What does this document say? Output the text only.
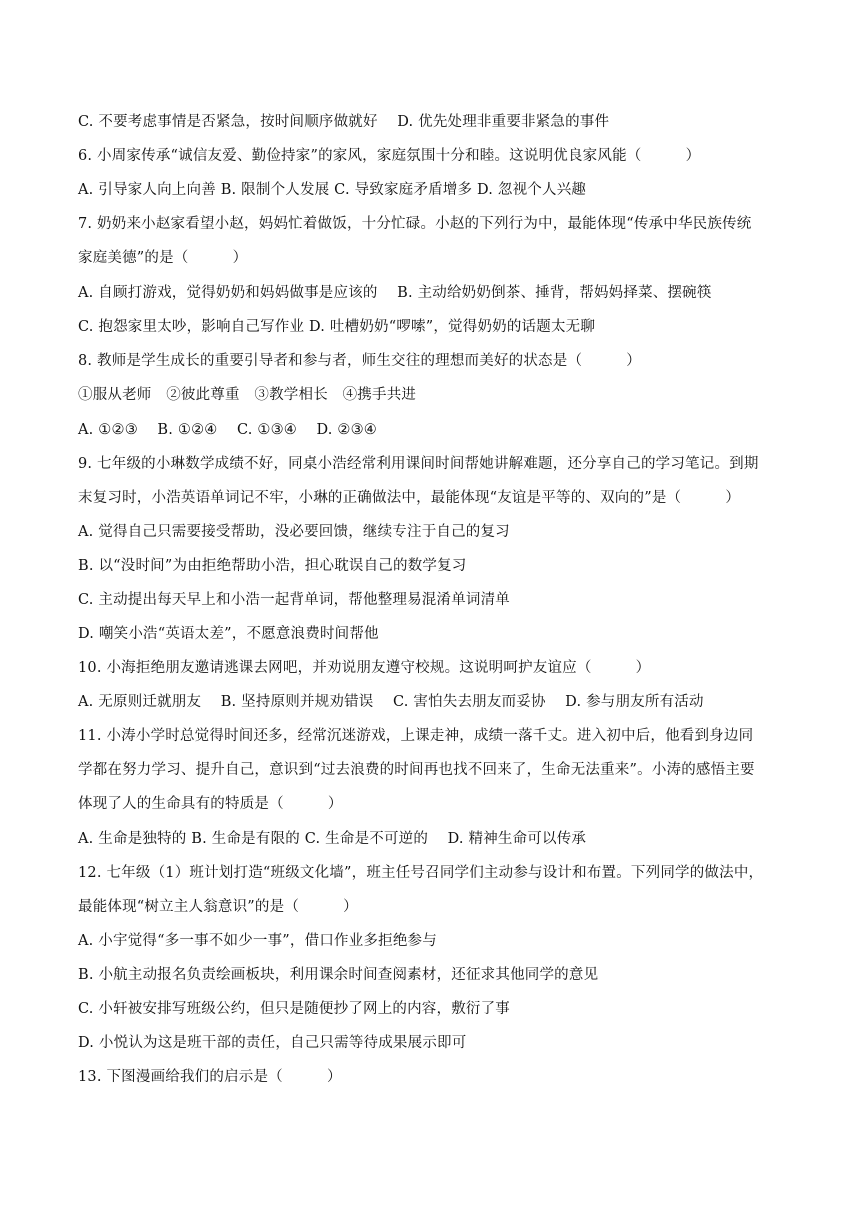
C. 不要考虑事情是否紧急，按时间顺序做就好　 D. 优先处理非重要非紧急的事件
6. 小周家传承“诚信友爱、勤俭持家”的家风，家庭氛围十分和睦。这说明优良家风能（　　　）
A. 引导家人向上向善 B. 限制个人发展 C. 导致家庭矛盾增多 D. 忽视个人兴趣
7. 奶奶来小赵家看望小赵，妈妈忙着做饭，十分忙碌。小赵的下列行为中，最能体现“传承中华民族传统
家庭美德”的是（　　　）
A. 自顾打游戏，觉得奶奶和妈妈做事是应该的　 B. 主动给奶奶倒茶、捶背，帮妈妈择菜、摆碗筷
C. 抱怨家里太吵，影响自己写作业 D. 吐槽奶奶“啰嗦”，觉得奶奶的话题太无聊
8. 教师是学生成长的重要引导者和参与者，师生交往的理想而美好的状态是（　　　）
①服从老师　②彼此尊重　③教学相长　④携手共进
A. ①②③　 B. ①②④　 C. ①③④　 D. ②③④
9. 七年级的小琳数学成绩不好，同桌小浩经常利用课间时间帮她讲解难题，还分享自己的学习笔记。到期
末复习时，小浩英语单词记不牢，小琳的正确做法中，最能体现“友谊是平等的、双向的”是（　　　）
A. 觉得自己只需要接受帮助，没必要回馈，继续专注于自己的复习
B. 以“没时间”为由拒绝帮助小浩，担心耽误自己的数学复习
C. 主动提出每天早上和小浩一起背单词，帮他整理易混淆单词清单
D. 嘲笑小浩“英语太差”，不愿意浪费时间帮他
10. 小海拒绝朋友邀请逃课去网吧，并劝说朋友遵守校规。这说明呵护友谊应（　　　）
A. 无原则迁就朋友　 B. 坚持原则并规劝错误　 C. 害怕失去朋友而妥协　 D. 参与朋友所有活动
11. 小涛小学时总觉得时间还多，经常沉迷游戏，上课走神，成绩一落千丈。进入初中后，他看到身边同
学都在努力学习、提升自己，意识到“过去浪费的时间再也找不回来了，生命无法重来”。小涛的感悟主要
体现了人的生命具有的特质是（　　　）
A. 生命是独特的 B. 生命是有限的 C. 生命是不可逆的　 D. 精神生命可以传承
12. 七年级（1）班计划打造“班级文化墙”，班主任号召同学们主动参与设计和布置。下列同学的做法中，
最能体现“树立主人翁意识”的是（　　　）
A. 小宇觉得“多一事不如少一事”，借口作业多拒绝参与
B. 小航主动报名负责绘画板块，利用课余时间查阅素材，还征求其他同学的意见
C. 小轩被安排写班级公约，但只是随便抄了网上的内容，敷衍了事
D. 小悦认为这是班干部的责任，自己只需等待成果展示即可
13. 下图漫画给我们的启示是（　　　）
